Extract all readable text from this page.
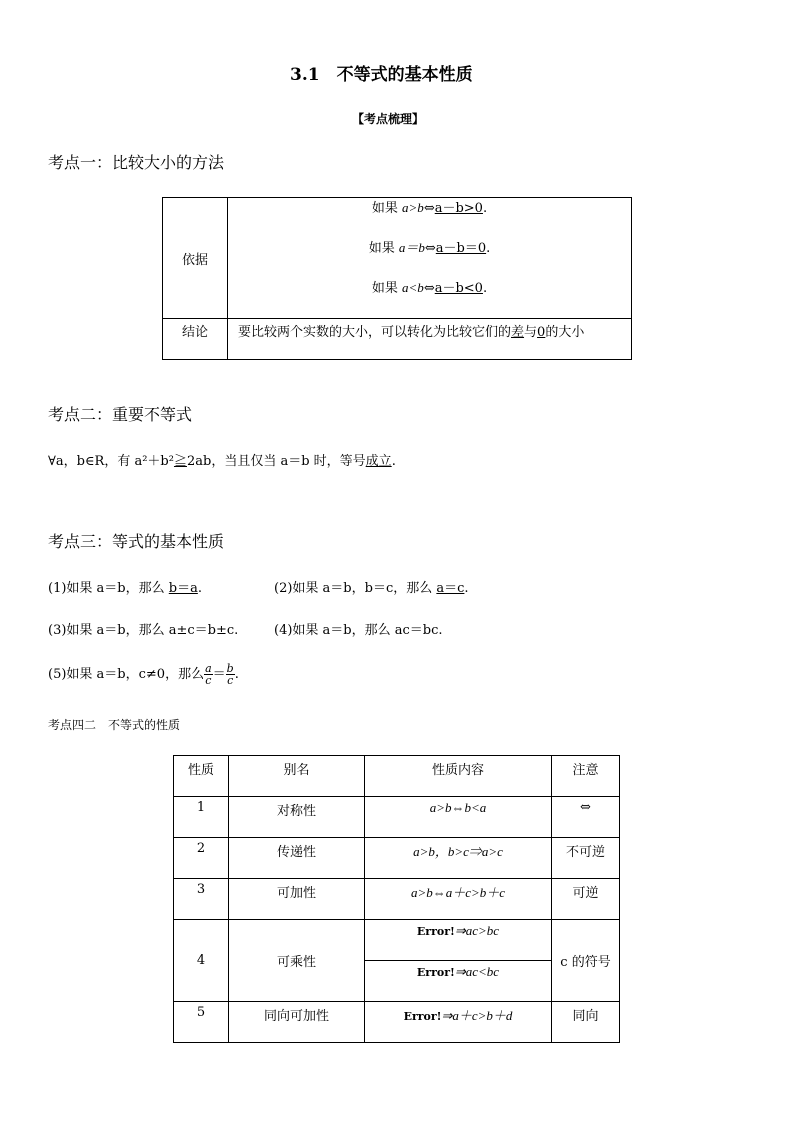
3.1　不等式的基本性质
【考点梳理】
考点一：比较大小的方法
依据	如果 a>b⇔a－b>0.
如果 a＝b⇔a－b＝0.
如果 a<b⇔a－b<0.

结论	要比较两个实数的大小，可以转化为比较它们的差与0的大小
考点二：重要不等式
∀a，b∈R，有 a²＋b²≧2ab，当且仅当 a＝b 时，等号成立.
考点三：等式的基本性质
(1)如果 a＝b，那么 b＝a.	(2)如果 a＝b，b＝c，那么 a＝c.
(3)如果 a＝b，那么 a±c＝b±c.	(4)如果 a＝b，那么 ac＝bc.
(5)如果 a＝b，c≠0，那么 $\frac{a}{c} = \frac{b}{c}$ .
考点四二　不等式的性质
性质	别名	性质内容	注意
1	对称性	a>b⇔b<a	⇔
2	传递性	a>b，b>c⇒a>c	不可逆
3	可加性	a>b⇔a＋c>b＋c	可逆
4	可乘性	Error!⇒ac>bc	c 的符号
		Error!⇒ac<bc	
5	同向可加性	Error!⇒a＋c>b＋d	同向
